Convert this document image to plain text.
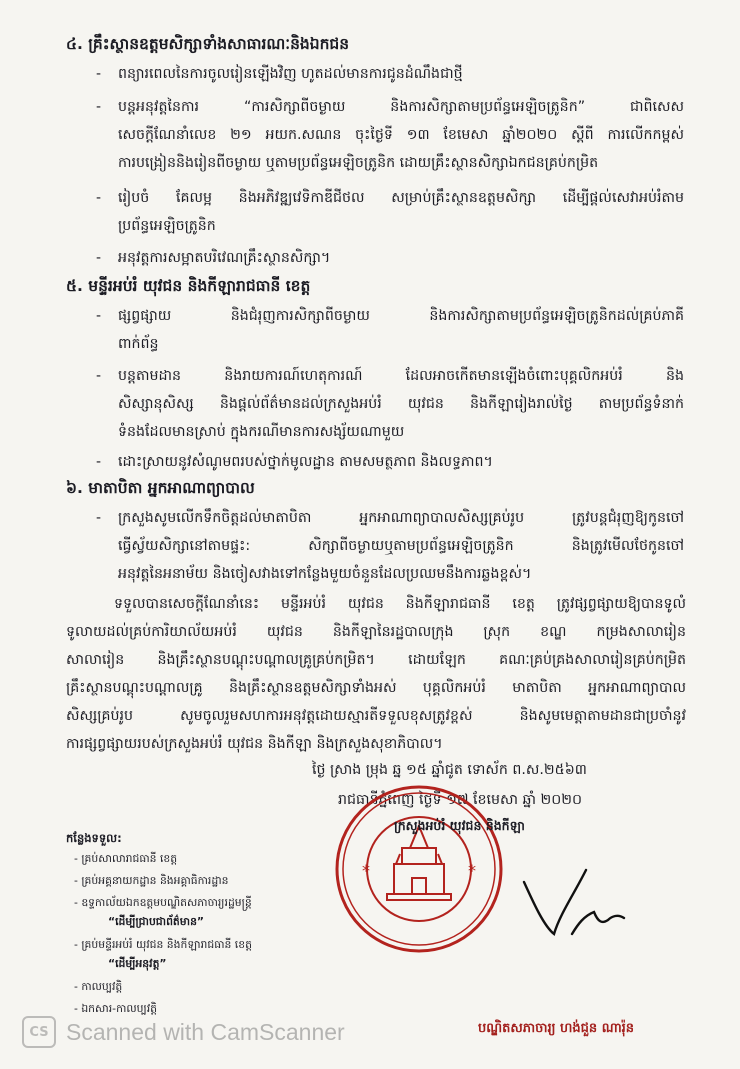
៤. គ្រឹះស្ថានឧត្តមសិក្សាទាំងសាធារណៈនិងឯកជន
- ពន្យារពេលនៃការចូលរៀនឡើងវិញ ហូតដល់មានការជូនដំណឹងជាថ្មី
- បន្តអនុវត្តនៃការ “ការសិក្សាពីចម្ងាយ និងការសិក្សាតាមប្រព័ន្ធអេឡិចត្រូនិក” ជាពិសេស
សេចក្តីណែនាំលេខ ២១ អយក.សណន ចុះថ្ងៃទី ១៣ ខែមេសា ឆ្នាំ២០២០ ស្តីពី ការលើកកម្ពស់
ការបង្រៀននិងរៀនពីចម្ងាយ ឬតាមប្រព័ន្ធអេឡិចត្រូនិក ដោយគ្រឹះស្ថានសិក្សាឯកជនគ្រប់កម្រិត
- រៀបចំ គែលម្អ និងអភិវឌ្ឍវេទិកាឌីជីថល សម្រាប់គ្រឹះស្ថានឧត្តមសិក្សា ដើម្បីផ្តល់សេវាអប់រំតាម
ប្រព័ន្ធអេឡិចត្រូនិក
- អនុវត្តការសម្អាតបរិវេណគ្រឹះស្ថានសិក្សា។
៥. មន្ទីរអប់រំ យុវជន និងកីឡារាជធានី ខេត្ត
- ផ្សព្វផ្សាយ និងជំរុញការសិក្សាពីចម្ងាយ និងការសិក្សាតាមប្រព័ន្ធអេឡិចត្រូនិកដល់គ្រប់ភាគី
ពាក់ព័ន្ធ
- បន្តតាមដាន និងរាយការណ៍ហេតុការណ៍ ដែលអាចកើតមានឡើងចំពោះបុគ្គលិកអប់រំ និង
សិស្សានុសិស្ស និងផ្តល់ព័ត៌មានដល់ក្រសួងអប់រំ យុវជន និងកីឡារៀងរាល់ថ្ងៃ តាមប្រព័ន្ធទំនាក់
ទំនងដែលមានស្រាប់ ក្នុងករណីមានការសង្ស័យណាមួយ
- ដោះស្រាយនូវសំណូមពរបស់ថ្នាក់មូលដ្ឋាន តាមសមត្ថភាព និងលទ្ធភាព។
៦. មាតាបិតា អ្នកអាណាព្យាបាល
- ក្រសួងសូមលើកទឹកចិត្តដល់មាតាបិតា អ្នកអាណាព្យាបាលសិស្សគ្រប់រូប ត្រូវបន្តជំរុញឱ្យកូនចៅ
ធ្វើស្វ័យសិក្សានៅតាមផ្ទះ: សិក្សាពីចម្ងាយឬតាមប្រព័ន្ធអេឡិចត្រូនិក និងត្រូវមើលថែកូនចៅ
អនុវត្តនៃអនាម័យ និងចៀសវាងទៅកន្លែងមួយចំនួនដែលប្រឈមនឹងការឆ្លងខ្ពស់។
ទទួលបានសេចក្តីណែនាំនេះ មន្ទីរអប់រំ យុវជន និងកីឡារាជធានី ខេត្ត ត្រូវផ្សព្វផ្សាយឱ្យបានទូលំ
ទូលាយដល់គ្រប់ការិយាល័យអប់រំ យុវជន និងកីឡានៃរដ្ឋបាលក្រុង ស្រុក ខណ្ឌ កម្រងសាលារៀន
សាលារៀន និងគ្រឹះស្ថានបណ្តុះបណ្តាលគ្រូគ្រប់កម្រិត។ ដោយឡែក គណៈគ្រប់គ្រងសាលារៀនគ្រប់កម្រិត
គ្រឹះស្ថានបណ្តុះបណ្តាលគ្រូ និងគ្រឹះស្ថានឧត្តមសិក្សាទាំងអស់ បុគ្គលិកអប់រំ មាតាបិតា អ្នកអាណាព្យាបាល
សិស្សគ្រប់រូប សូមចូលរួមសហការអនុវត្តដោយស្មារតីទទួលខុសត្រូវខ្ពស់ និងសូមមេត្តាតាមដានជាប្រចាំនូវ
ការផ្សព្វផ្សាយរបស់ក្រសួងអប់រំ យុវជន និងកីឡា និងក្រសួងសុខាភិបាល។
ថ្ងៃ ស្រាង ម្រុង ឆ្ន ១៥ ឆ្នាំជូត ទោស័ក ព.ស.២៥៦៣
រាជធានីភ្នំពេញ ថ្ងៃទី ១៧ ខែមេសា ឆ្នាំ ២០២០
*	*
ក្រសួងអប់រំ យុវជន និងកីឡា
កន្លែងទទួល:
- គ្រប់សាលារាជធានី ខេត្ត
- គ្រប់អគ្គនាយកដ្ឋាន និងអគ្គាធិការដ្ឋាន
- ឧទ្ទកាល័យឯកឧត្តមបណ្ឌិតសភាចារ្យរដ្ឋមន្ត្រី
“ដើម្បីជ្រាបជាព័ត៌មាន”
- គ្រប់មន្ទីរអប់រំ យុវជន និងកីឡារាជធានី ខេត្ត
“ដើម្បីអនុវត្ត”
- កាលប្បវត្តិ
- ឯកសារ-កាលប្បវត្តិ
បណ្ឌិតសភាចារ្យ ហង់ជួន ណារ៉ុន
CS Scanned with CamScanner
